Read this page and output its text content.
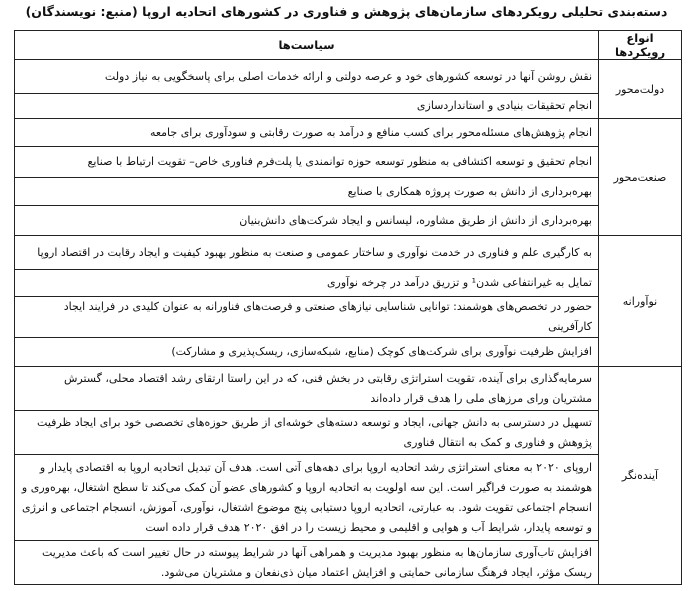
دسته‌بندی تحلیلی رویکردهای سازمان‌های پژوهش و فناوری در کشورهای اتحادیه اروپا (منبع: نویسندگان)
انواع رویکردها	سیاست‌ها
دولت‌محور	نقش روشن آنها در توسعه کشورهای خود و عرصه دولتی و ارائه خدمات اصلی برای پاسخگویی به نیاز دولت
	انجام تحقیقات بنیادی و استانداردسازی
صنعت‌محور	انجام پژوهش‌های مسئله‌محور برای کسب منافع و درآمد به صورت رقابتی و سودآوری برای جامعه
	انجام تحقیق و توسعه اکتشافی به منظور توسعه حوزه توانمندی یا پلت‌فرم فناوری خاص– تقویت ارتباط با صنایع
	بهره‌برداری از دانش به صورت پروژه همکاری با صنایع
	بهره‌برداری از دانش از طریق مشاوره، لیسانس و ایجاد شرکت‌های دانش‌بنیان
نوآورانه	به کارگیری علم و فناوری در خدمت نوآوری و ساختار عمومی و صنعت به منظور بهبود کیفیت و ایجاد رقابت در اقتصاد اروپا
	تمایل به غیرانتفاعی شدن¹ و تزریق درآمد در چرخه نوآوری
	حضور در تخصص‌های هوشمند: توانایی شناسایی نیازهای صنعتی و فرصت‌های فناورانه به عنوان کلیدی در فرایند ایجاد کارآفرینی
	افزایش ظرفیت نوآوری برای شرکت‌های کوچک (منابع، شبکه‌سازی، ریسک‌پذیری و مشارکت)
آینده‌نگر	سرمایه‌گذاری برای آینده، تقویت استراتژی رقابتی در بخش فنی، که در این راستا ارتقای رشد اقتصاد محلی، گسترش مشتریان ورای مرزهای ملی را هدف قرار داده‌اند
	تسهیل در دسترسی به دانش جهانی، ایجاد و توسعه دسته‌های خوشه‌ای از طریق حوزه‌های تخصصی خود برای ایجاد ظرفیت پژوهش و فناوری و کمک به انتقال فناوری
	اروپای ۲۰۲۰ به معنای استراتژی رشد اتحادیه اروپا برای دهه‌های آتی است. هدف آن تبدیل اتحادیه اروپا به اقتصادی پایدار و هوشمند به صورت فراگیر است. این سه اولویت به اتحادیه اروپا و کشورهای عضو آن کمک می‌کند تا سطح اشتغال، بهره‌وری و انسجام اجتماعی تقویت شود. به عبارتی، اتحادیه اروپا دستیابی پنج موضوع اشتغال، نوآوری، آموزش، انسجام اجتماعی و انرژی و توسعه پایدار، شرایط آب و هوایی و اقلیمی و محیط زیست را در افق ۲۰۲۰ هدف قرار داده است
	افزایش تاب‌آوری سازمان‌ها به منظور بهبود مدیریت و همراهی آنها در شرایط پیوسته در حال تغییر است که باعث مدیریت ریسک مؤثر، ایجاد فرهنگ سازمانی حمایتی و افزایش اعتماد میان ذی‌نفعان و مشتریان می‌شود.
